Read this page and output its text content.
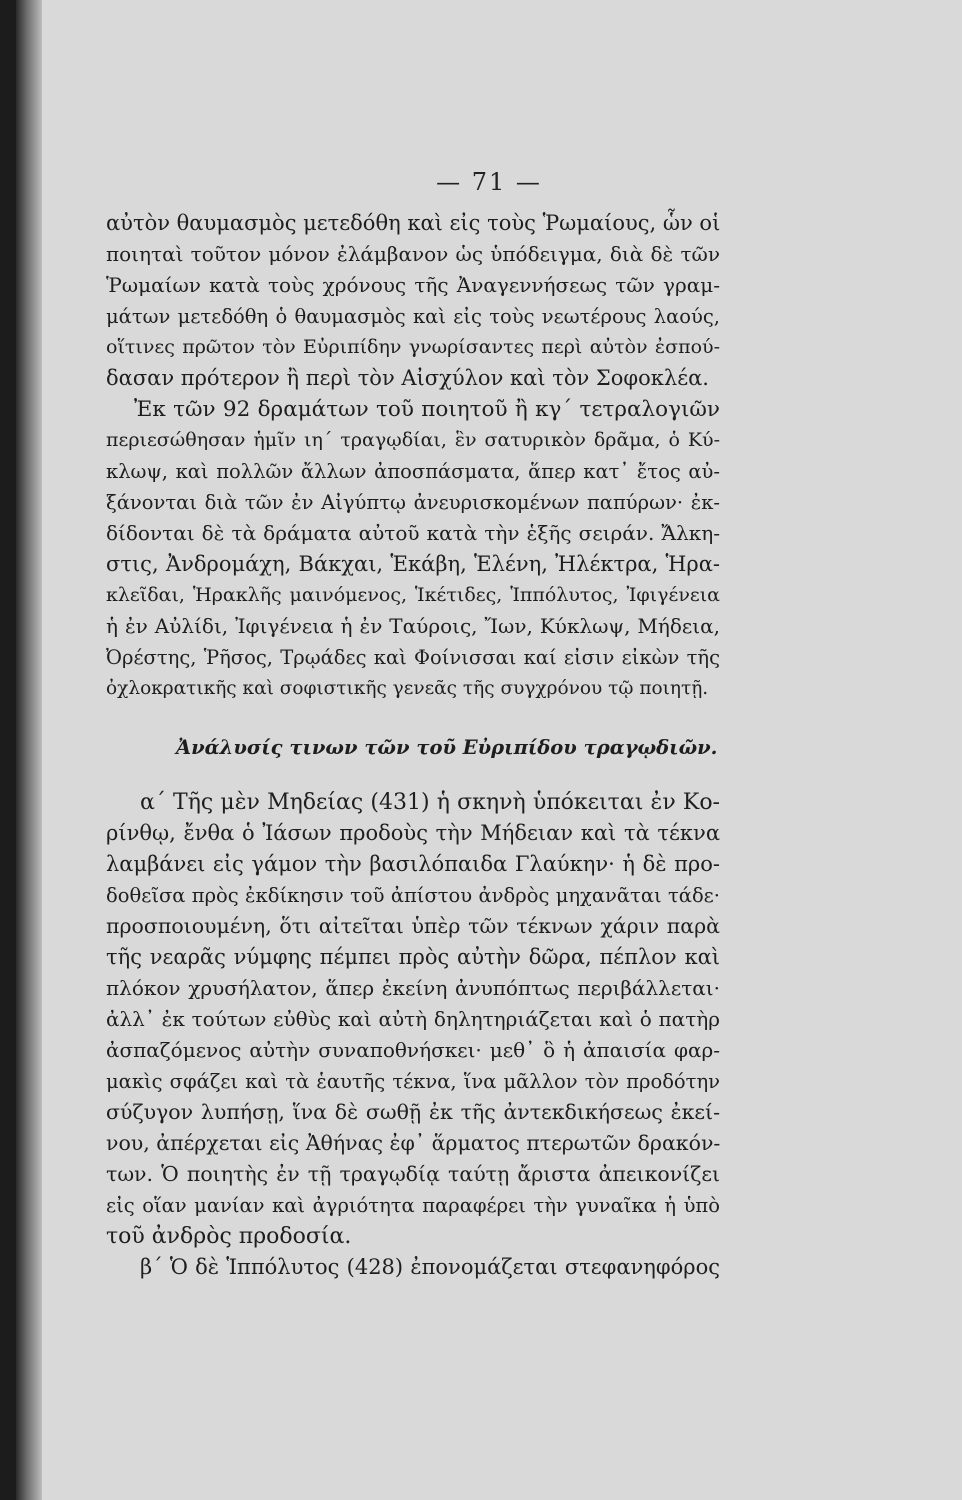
— 71 —
αὐτὸν θαυμασμὸς μετεδόθη καὶ εἰς τοὺς Ῥωμαίους, ὧν οἱ
ποιηταὶ τοῦτον μόνον ἐλάμβανον ὡς ὑπόδειγμα, διὰ δὲ τῶν
Ῥωμαίων κατὰ τοὺς χρόνους τῆς Ἀναγεννήσεως τῶν γραμ-
μάτων μετεδόθη ὁ θαυμασμὸς καὶ εἰς τοὺς νεωτέρους λαούς,
οἵτινες πρῶτον τὸν Εὐριπίδην γνωρίσαντες περὶ αὐτὸν ἐσπού-
δασαν πρότερον ἢ περὶ τὸν Αἰσχύλον καὶ τὸν Σοφοκλέα.
Ἐκ τῶν 92 δραμάτων τοῦ ποιητοῦ ἢ κγ΄ τετραλογιῶν
περιεσώθησαν ἡμῖν ιη΄ τραγῳδίαι, ἓν σατυρικὸν δρᾶμα, ὁ Κύ-
κλωψ, καὶ πολλῶν ἄλλων ἀποσπάσματα, ἅπερ κατ᾽ ἔτος αὐ-
ξάνονται διὰ τῶν ἐν Αἰγύπτῳ ἀνευρισκομένων παπύρων· ἐκ-
δίδονται δὲ τὰ δράματα αὐτοῦ κατὰ τὴν ἑξῆς σειράν. Ἄλκη-
στις, Ἀνδρομάχη, Βάκχαι, Ἑκάβη, Ἑλένη, Ἠλέκτρα, Ἡρα-
κλεῖδαι, Ἡρακλῆς μαινόμενος, Ἱκέτιδες, Ἱππόλυτος, Ἰφιγένεια
ἡ ἐν Αὐλίδι, Ἰφιγένεια ἡ ἐν Ταύροις, Ἴων, Κύκλωψ, Μήδεια,
Ὀρέστης, Ῥῆσος, Τρῳάδες καὶ Φοίνισσαι καί εἰσιν εἰκὼν τῆς
ὀχλοκρατικῆς καὶ σοφιστικῆς γενεᾶς τῆς συγχρόνου τῷ ποιητῇ.
Ἀνάλυσίς τινων τῶν τοῦ Εὐριπίδου τραγῳδιῶν.
α΄ Τῆς μὲν Μηδείας (431) ἡ σκηνὴ ὑπόκειται ἐν Κο-
ρίνθῳ, ἔνθα ὁ Ἰάσων προδοὺς τὴν Μήδειαν καὶ τὰ τέκνα
λαμβάνει εἰς γάμον τὴν βασιλόπαιδα Γλαύκην· ἡ δὲ προ-
δοθεῖσα πρὸς ἐκδίκησιν τοῦ ἀπίστου ἀνδρὸς μηχανᾶται τάδε·
προσποιουμένη, ὅτι αἰτεῖται ὑπὲρ τῶν τέκνων χάριν παρὰ
τῆς νεαρᾶς νύμφης πέμπει πρὸς αὐτὴν δῶρα, πέπλον καὶ
πλόκον χρυσήλατον, ἅπερ ἐκείνη ἀνυπόπτως περιβάλλεται·
ἀλλ᾽ ἐκ τούτων εὐθὺς καὶ αὐτὴ δηλητηριάζεται καὶ ὁ πατὴρ
ἀσπαζόμενος αὐτὴν συναποθνήσκει· μεθ᾽ ὃ ἡ ἀπαισία φαρ-
μακὶς σφάζει καὶ τὰ ἑαυτῆς τέκνα, ἵνα μᾶλλον τὸν προδότην
σύζυγον λυπήσῃ, ἵνα δὲ σωθῇ ἐκ τῆς ἀντεκδικήσεως ἐκεί-
νου, ἀπέρχεται εἰς Ἀθήνας ἐφ᾽ ἅρματος πτερωτῶν δρακόν-
των. Ὁ ποιητὴς ἐν τῇ τραγῳδίᾳ ταύτῃ ἄριστα ἀπεικονίζει
εἰς οἵαν μανίαν καὶ ἀγριότητα παραφέρει τὴν γυναῖκα ἡ ὑπὸ
τοῦ ἀνδρὸς προδοσία.
β΄ Ὁ δὲ Ἱππόλυτος (428) ἐπονομάζεται στεφανηφόρος
